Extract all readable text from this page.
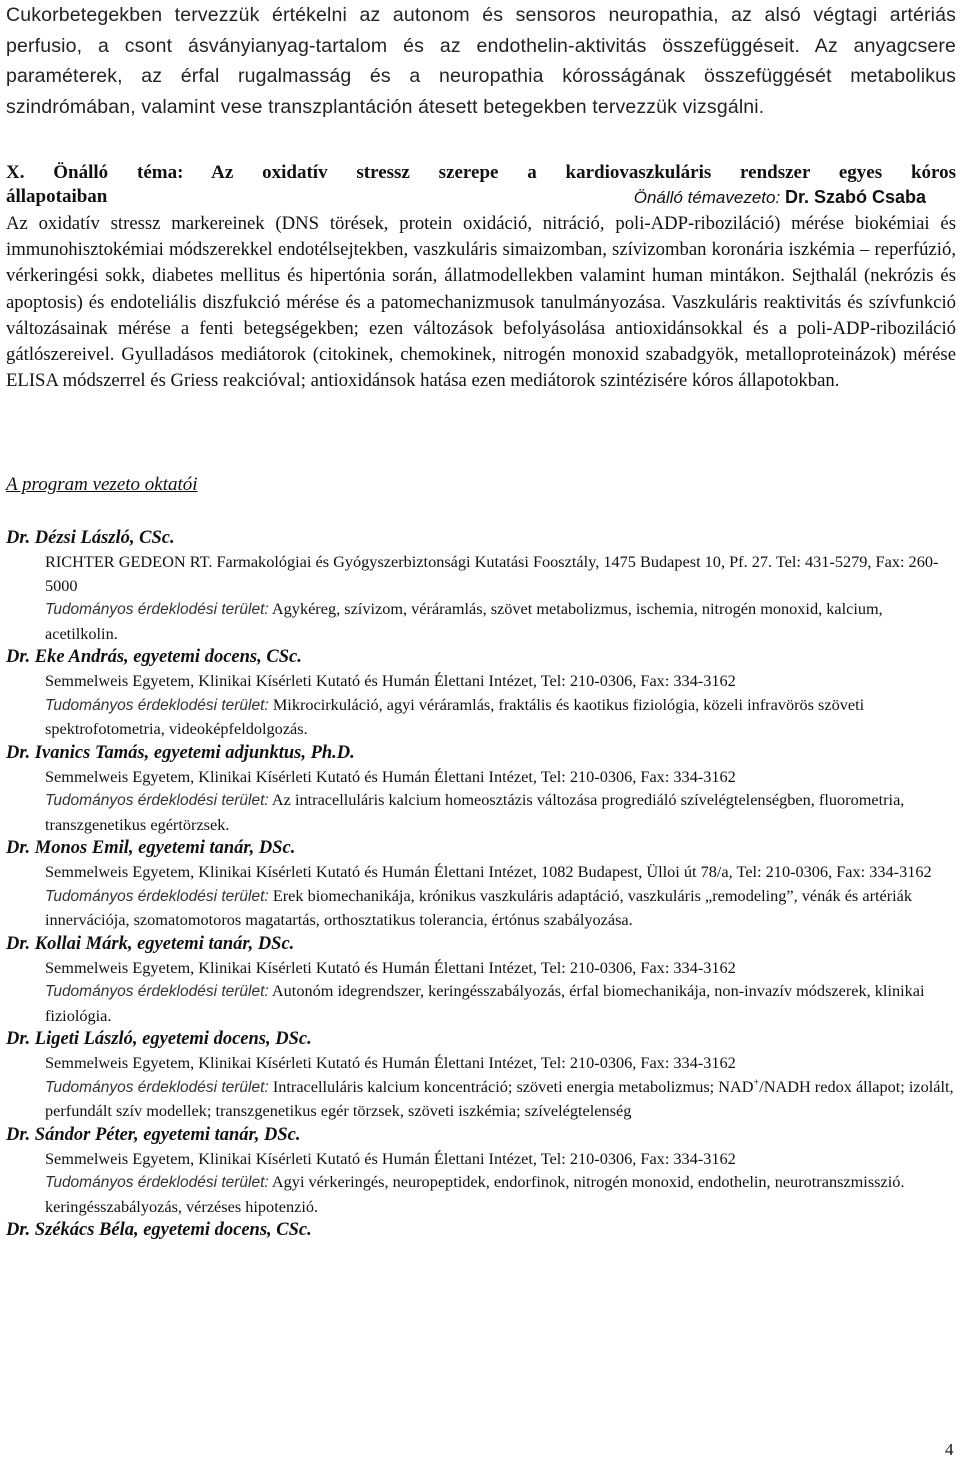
Cukorbetegekben tervezzük értékelni az autonom és sensoros neuropathia, az alsó végtagi artériás perfusio, a csont ásványianyag-tartalom és az endothelin-aktivitás összefüggéseit. Az anyagcsere paraméterek, az érfal rugalmasság és a neuropathia kórosságának összefüggését metabolikus szindrómában, valamint vese transzplantáción átesett betegekben tervezzük vizsgálni.

X. Önálló téma: Az oxidatív stressz szerepe a kardiovaszkuláris rendszer egyes kóros
állapotaiban	Önálló témavezeto: Dr. Szabó Csaba

Az oxidatív stressz markereinek (DNS törések, protein oxidáció, nitráció, poli-ADP-riboziláció) mérése biokémiai és immunohisztokémiai módszerekkel endotélsejtekben, vaszkuláris simaizomban, szívizomban koronária iszkémia – reperfúzió, vérkeringési sokk, diabetes mellitus és hipertónia során, állatmodellekben valamint human mintákon. Sejthalál (nekrózis és apoptosis) és endoteliális diszfukció mérése és a patomechanizmusok tanulmányozása. Vaszkuláris reaktivitás és szívfunkció változásainak mérése a fenti betegségekben; ezen változások befolyásolása antioxidánsokkal és a poli-ADP-riboziláció gátlószereivel. Gyulladásos mediátorok (citokinek, chemokinek, nitrogén monoxid szabadgyök, metalloproteinázok) mérése ELISA módszerrel és Griess reakcióval; antioxidánsok hatása ezen mediátorok szintézisére kóros állapotokban.

A program vezeto oktatói
Dr. Dézsi László, CSc.
RICHTER GEDEON RT. Farmakológiai és Gyógyszerbiztonsági Kutatási Foosztály, 1475 Budapest 10, Pf. 27. Tel: 431-5279, Fax: 260-5000
Tudományos érdeklodési terület: Agykéreg, szívizom, véráramlás, szövet metabolizmus, ischemia, nitrogén monoxid, kalcium, acetilkolin.
Dr. Eke András, egyetemi docens, CSc.
Semmelweis Egyetem, Klinikai Kísérleti Kutató és Humán Élettani Intézet, Tel: 210-0306, Fax: 334-3162
Tudományos érdeklodési terület: Mikrocirkuláció, agyi véráramlás, fraktális és kaotikus fiziológia, közeli infravörös szöveti spektrofotometria, videoképfeldolgozás.
Dr. Ivanics Tamás, egyetemi adjunktus, Ph.D.
Semmelweis Egyetem, Klinikai Kísérleti Kutató és Humán Élettani Intézet, Tel: 210-0306, Fax: 334-3162
Tudományos érdeklodési terület: Az intracelluláris kalcium homeosztázis változása progrediáló szívelégtelenségben, fluorometria, transzgenetikus egértörzsek.
Dr. Monos Emil, egyetemi tanár, DSc.
Semmelweis Egyetem, Klinikai Kísérleti Kutató és Humán Élettani Intézet, 1082 Budapest, Ülloi út 78/a, Tel: 210-0306, Fax: 334-3162
Tudományos érdeklodési terület: Erek biomechanikája, krónikus vaszkuláris adaptáció, vaszkuláris „remodeling”, vénák és artériák innervációja, szomatomotoros magatartás, orthosztatikus tolerancia, értónus szabályozása.
Dr. Kollai Márk, egyetemi tanár, DSc.
Semmelweis Egyetem, Klinikai Kísérleti Kutató és Humán Élettani Intézet, Tel: 210-0306, Fax: 334-3162
Tudományos érdeklodési terület: Autonóm idegrendszer, keringésszabályozás, érfal biomechanikája, non-invazív módszerek, klinikai fiziológia.
Dr. Ligeti László, egyetemi docens, DSc.
Semmelweis Egyetem, Klinikai Kísérleti Kutató és Humán Élettani Intézet, Tel: 210-0306, Fax: 334-3162
Tudományos érdeklodési terület: Intracelluláris kalcium koncentráció; szöveti energia metabolizmus; NAD+/NADH redox állapot; izolált, perfundált szív modellek; transzgenetikus egér törzsek, szöveti iszkémia; szívelégtelenség
Dr. Sándor Péter, egyetemi tanár, DSc.
Semmelweis Egyetem, Klinikai Kísérleti Kutató és Humán Élettani Intézet, Tel: 210-0306, Fax: 334-3162
Tudományos érdeklodési terület: Agyi vérkeringés, neuropeptidek, endorfinok, nitrogén monoxid, endothelin, neurotranszmisszió. keringésszabályozás, vérzéses hipotenzió.
Dr. Székács Béla, egyetemi docens, CSc.
4
